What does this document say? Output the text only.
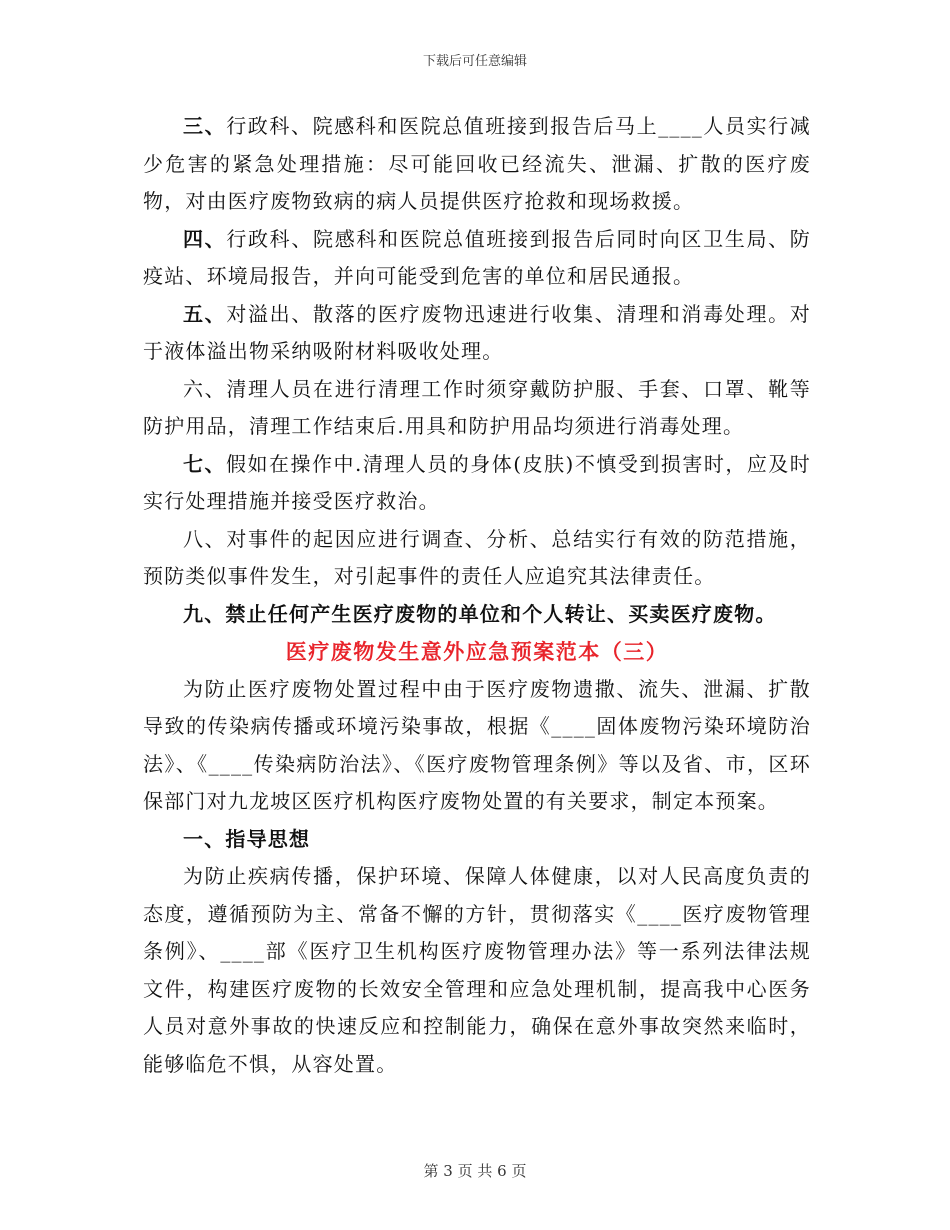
下载后可任意编辑

三、行政科、院感科和医院总值班接到报告后马上____人员实行减少危害的紧急处理措施：尽可能回收已经流失、泄漏、扩散的医疗废物，对由医疗废物致病的病人员提供医疗抢救和现场救援。

四、行政科、院感科和医院总值班接到报告后同时向区卫生局、防疫站、环境局报告，并向可能受到危害的单位和居民通报。

五、对溢出、散落的医疗废物迅速进行收集、清理和消毒处理。对于液体溢出物采纳吸附材料吸收处理。

六、清理人员在进行清理工作时须穿戴防护服、手套、口罩、靴等防护用品，清理工作结束后.用具和防护用品均须进行消毒处理。

七、假如在操作中.清理人员的身体(皮肤)不慎受到损害时，应及时实行处理措施并接受医疗救治。

八、对事件的起因应进行调查、分析、总结实行有效的防范措施，预防类似事件发生，对引起事件的责任人应追究其法律责任。

九、禁止任何产生医疗废物的单位和个人转让、买卖医疗废物。

医疗废物发生意外应急预案范本（三）

为防止医疗废物处置过程中由于医疗废物遗撒、流失、泄漏、扩散导致的传染病传播或环境污染事故，根据《____固体废物污染环境防治法》、《____传染病防治法》、《医疗废物管理条例》等以及省、市，区环保部门对九龙坡区医疗机构医疗废物处置的有关要求，制定本预案。

一、指导思想

为防止疾病传播，保护环境、保障人体健康，以对人民高度负责的态度，遵循预防为主、常备不懈的方针，贯彻落实《____医疗废物管理条例》、____部《医疗卫生机构医疗废物管理办法》等一系列法律法规文件，构建医疗废物的长效安全管理和应急处理机制，提高我中心医务人员对意外事故的快速反应和控制能力，确保在意外事故突然来临时，能够临危不惧，从容处置。

第 3 页 共 6 页
